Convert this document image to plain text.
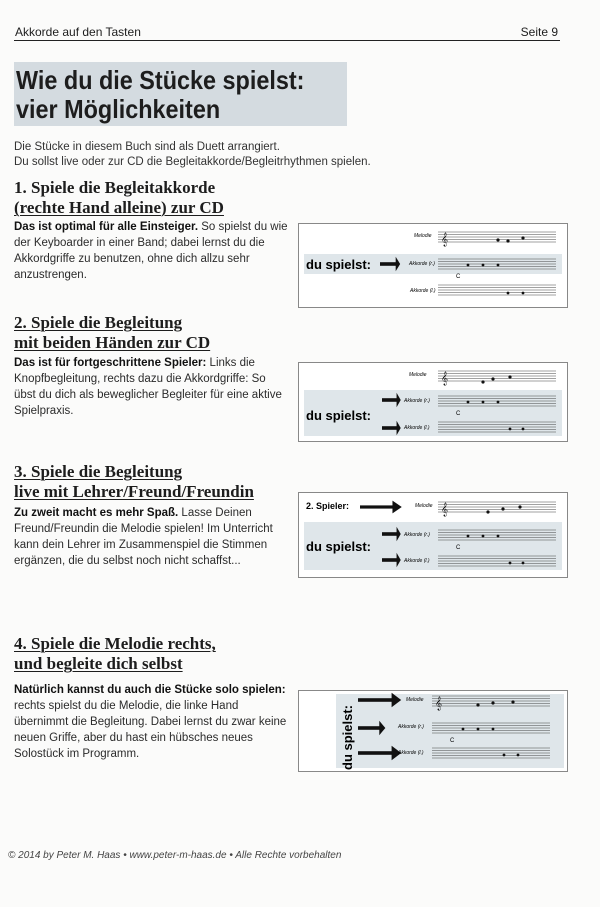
Akkorde auf den Tasten	Seite 9
Wie du die Stücke spielst:
vier Möglichkeiten
Die Stücke in diesem Buch sind als Duett arrangiert.
Du sollst live oder zur CD die Begleitakkorde/Begleitrhythmen spielen.
1. Spiele die Begleitakkorde
(rechte Hand alleine) zur CD

Das ist optimal für alle Einsteiger. So spielst du wie der Keyboarder in einer Band; dabei lernst du die Akkordgriffe zu benutzen, ohne dich allzu sehr anzustrengen.

2. Spiele die Begleitung
mit beiden Händen zur CD

Das ist für fortgeschrittene Spieler: Links die Knopfbegleitung, rechts dazu die Akkordgriffe: So übst du dich als beweglicher Begleiter für eine aktive Spielpraxis.

3. Spiele die Begleitung
live mit Lehrer/Freund/Freundin

Zu zweit macht es mehr Spaß. Lasse Deinen Freund/Freundin die Melodie spielen! Im Unterricht kann dein Lehrer im Zusammenspiel die Stimmen ergänzen, die du selbst noch nicht schaffst...

4. Spiele die Melodie rechts,
und begleite dich selbst

Natürlich kannst du auch die Stücke solo spielen: rechts spielst du die Melodie, die linke Hand übernimmt die Begleitung. Dabei lernst du zwar keine neuen Griffe, aber du hast ein hübsches neues Solostück im Programm.

du spielst:
Melodie
Akkorde (r.)
Akkorde (l.)
𝄞
C
du spielst:
Melodie
Akkorde (r.)
Akkorde (l.)
𝄞
C
2. Spieler:
du spielst:
Melodie
Akkorde (r.)
Akkorde (l.)
𝄞
C
du spielst:
Melodie
Akkorde (r.)
Akkorde (l.)
𝄞
C
© 2014 by Peter M. Haas • www.peter-m-haas.de • Alle Rechte vorbehalten
